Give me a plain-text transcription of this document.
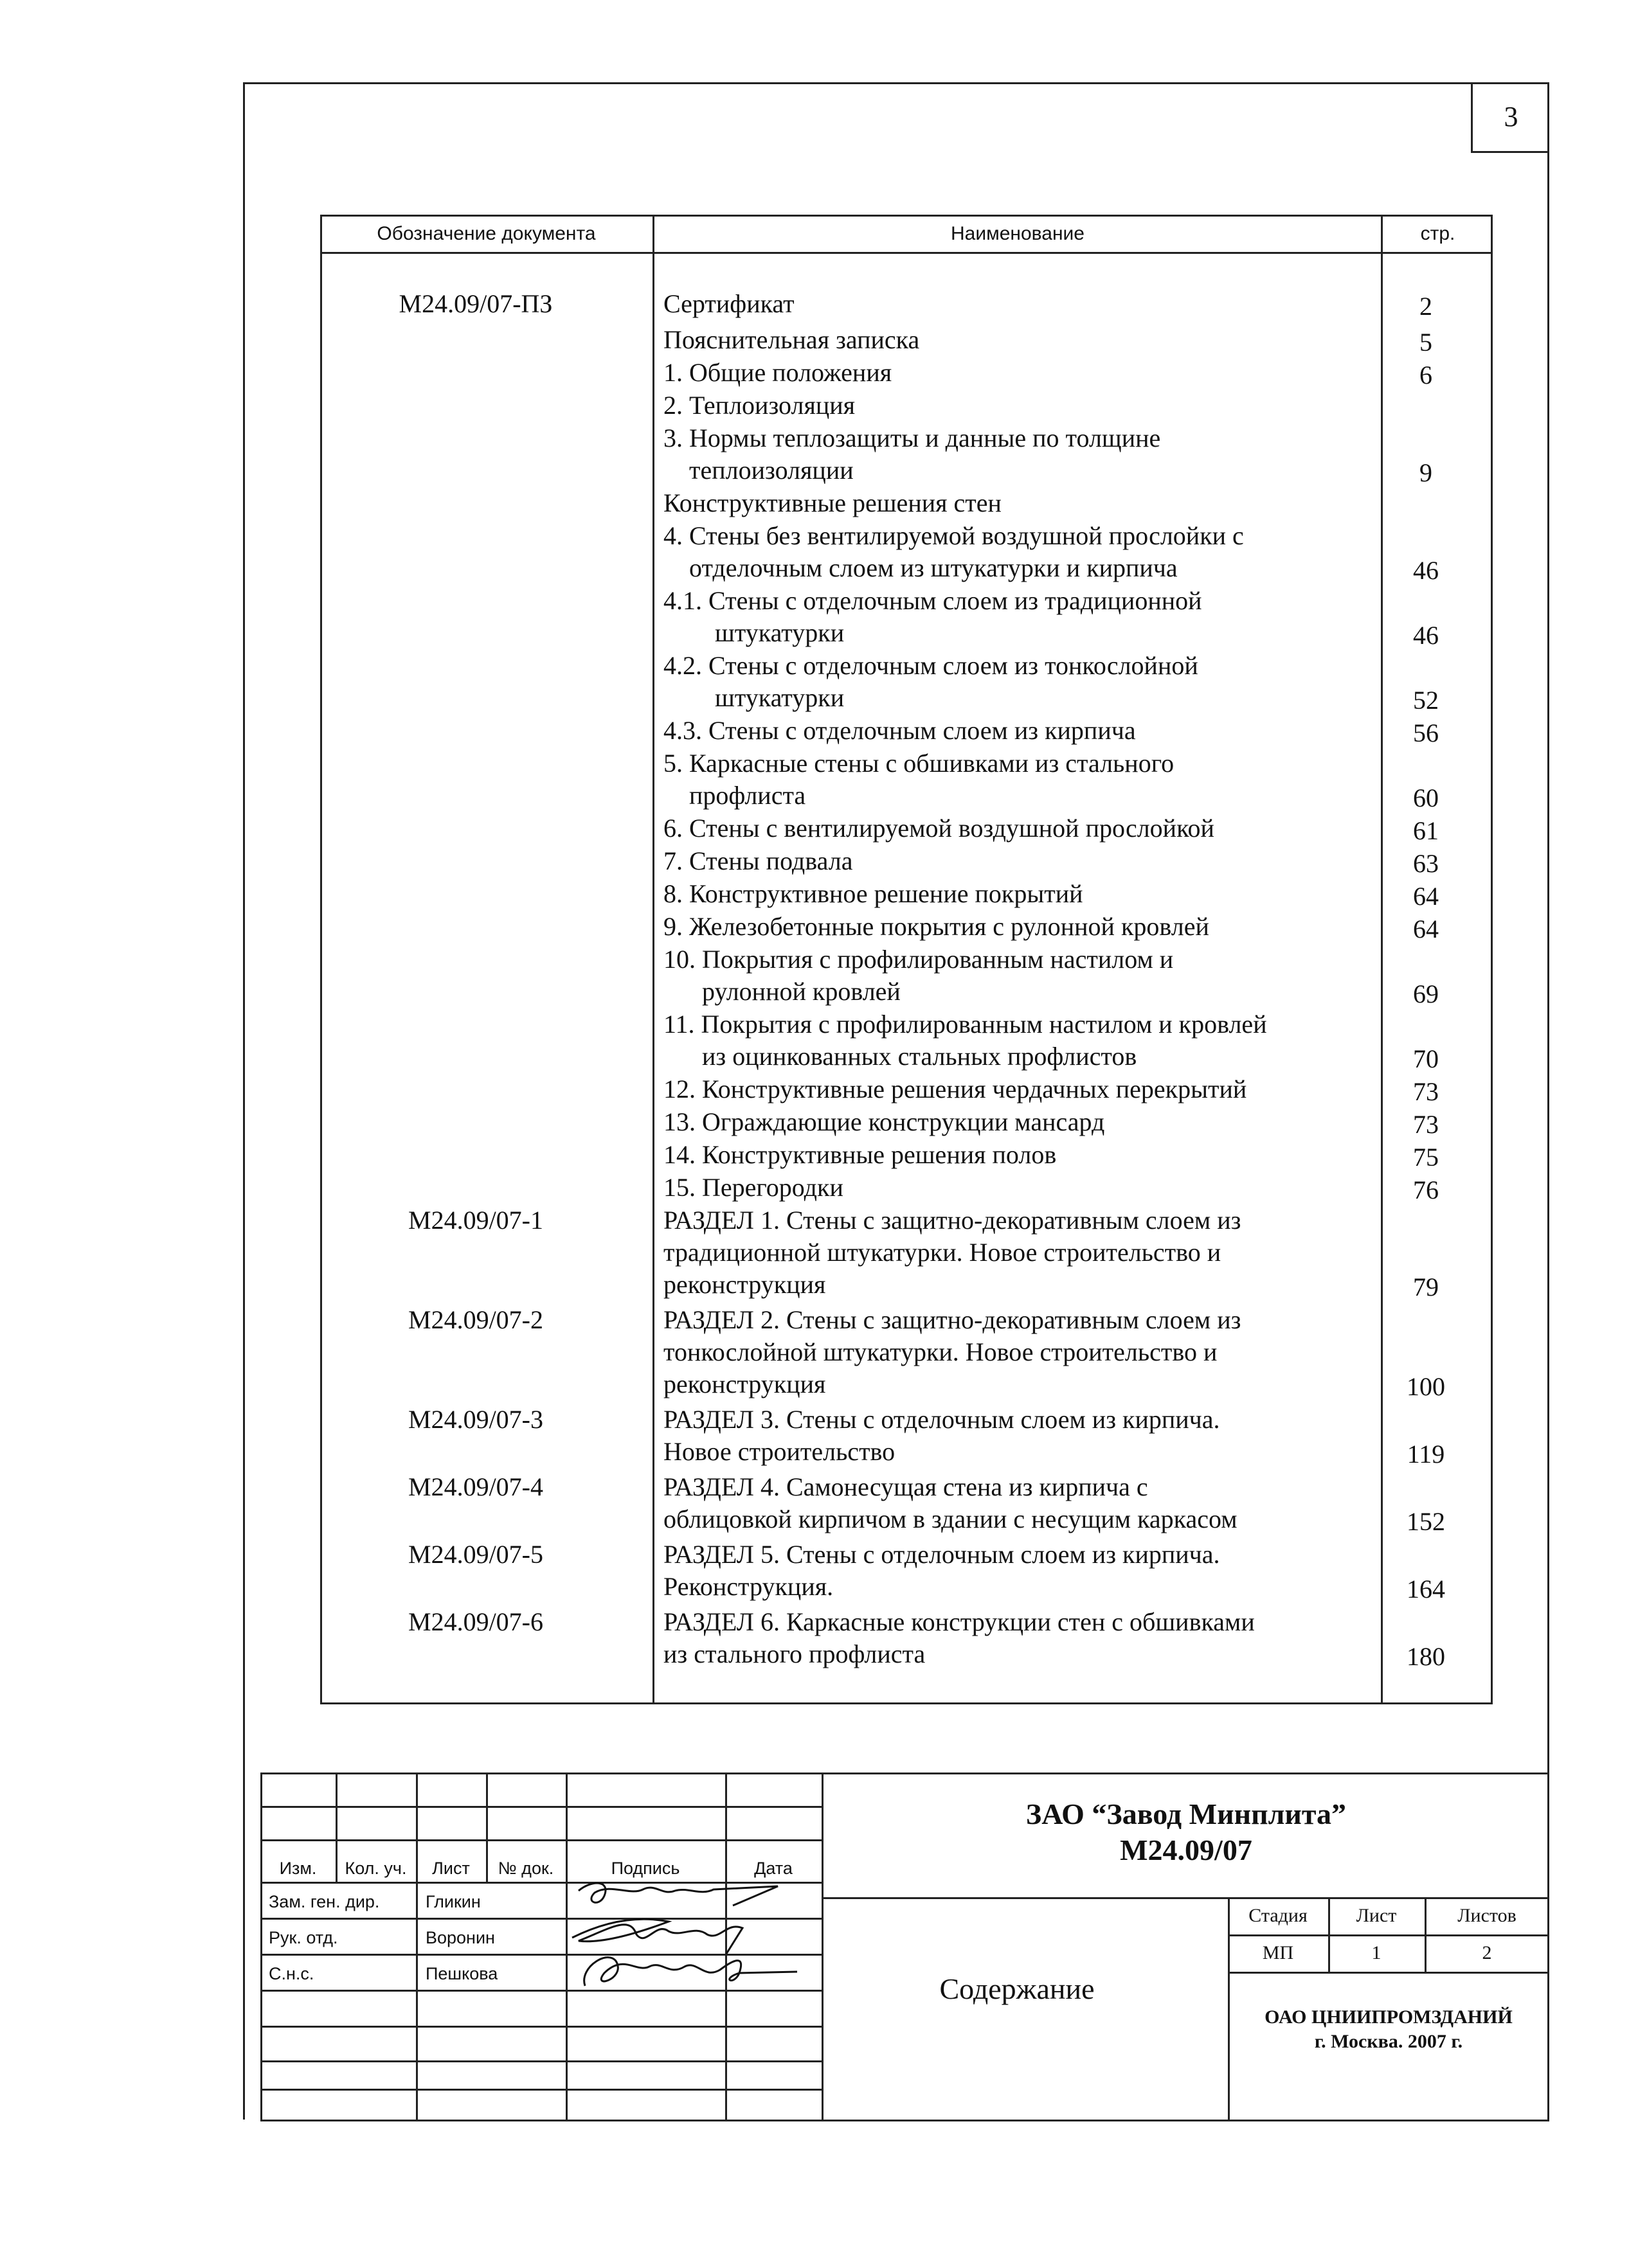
3
Обозначение документа	Наименование	стр.
M24.09/07-ПЗ	Сертификат	2
Пояснительная записка	5
1. Общие положения	6
2. Теплоизоляция
3. Нормы теплозащиты и данные по толщине
теплоизоляции	9
Конструктивные решения стен
4. Стены без вентилируемой воздушной прослойки с
отделочным слоем из штукатурки и кирпича	46
4.1. Стены с отделочным слоем из традиционной
штукатурки	46
4.2. Стены с отделочным слоем из тонкослойной
штукатурки	52
4.3. Стены с отделочным слоем из кирпича	56
5. Каркасные стены с обшивками из стального
профлиста	60
6. Стены с вентилируемой воздушной прослойкой	61
7. Стены подвала	63
8. Конструктивное решение покрытий	64
9. Железобетонные покрытия с рулонной кровлей	64
10. Покрытия с профилированным настилом и
рулонной кровлей	69
11. Покрытия с профилированным настилом и кровлей
из оцинкованных стальных профлистов	70
12. Конструктивные решения чердачных перекрытий	73
13. Ограждающие конструкции мансард	73
14. Конструктивные решения полов	75
15. Перегородки	76
M24.09/07-1	РАЗДЕЛ 1. Стены с защитно-декоративным слоем из
традиционной штукатурки. Новое строительство и
реконструкция	79
M24.09/07-2	РАЗДЕЛ 2. Стены с защитно-декоративным слоем из
тонкослойной штукатурки. Новое строительство и
реконструкция	100
M24.09/07-3	РАЗДЕЛ 3. Стены с отделочным слоем из кирпича.
Новое строительство	119
M24.09/07-4	РАЗДЕЛ 4. Самонесущая стена из кирпича с
облицовкой кирпичом в здании с несущим каркасом	152
M24.09/07-5	РАЗДЕЛ 5. Стены с отделочным слоем из кирпича.
Реконструкция.	164
M24.09/07-6	РАЗДЕЛ 6. Каркасные конструкции стен с обшивками
из стального профлиста	180
Изм.	Кол. уч.	Лист	№ док.	Подпись	Дата
Зам. ген. дир.	Гликин
Рук. отд.	Воронин
С.н.с.	Пешкова
ЗАО “Завод Минплита”
M24.09/07
Стадия	Лист	Листов
МП	1	2
Содержание
ОАО ЦНИИПРОМЗДАНИЙ
г. Москва. 2007 г.
